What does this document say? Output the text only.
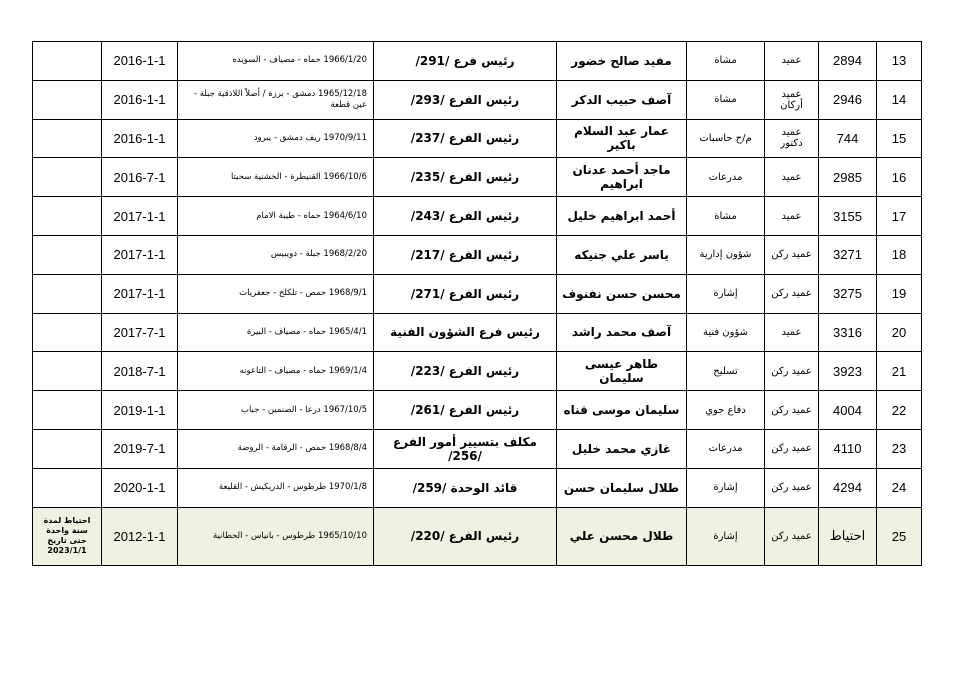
	2016-1-1	1966/1/20 حماه - مصياف - السويده	رئيس فرع /291/	مفيد صالح خضور	مشاة	عميد	2894	13
	2016-1-1	1965/12/18 دمشق - برزة / أصلاً اللاذقية جبلة - عين قطعة	رئيس الفرع /293/	آصف حبيب الدكر	مشاة	عميد أركان	2946	14
	2016-1-1	1970/9/11 ريف دمشق - يبرود	رئيس الفرع /237/	عمار عبد السلام باكير	م/ح حاسبات	عميد دكتور	744	15
	2016-7-1	1966/10/6 القنيطرة - الخشنية سحيتا	رئيس الفرع /235/	ماجد أحمد عدنان ابراهيم	مدرعات	عميد	2985	16
	2017-1-1	1964/6/10 حماه - طيبة الامام	رئيس الفرع /243/	أحمد ابراهيم خليل	مشاة	عميد	3155	17
	2017-1-1	1968/2/20 جبلة - دويبيس	رئيس الفرع /217/	ياسر علي جنيكه	شؤون إدارية	عميد ركن	3271	18
	2017-1-1	1968/9/1 حمص - تلكلخ - جعفريات	رئيس الفرع /271/	محسن حسن نفنوف	إشارة	عميد ركن	3275	19
	2017-7-1	1965/4/1 حماه - مصياف - البيرة	رئيس فرع الشؤون الفنية	آصف محمد راشد	شؤون فنية	عميد	3316	20
	2018-7-1	1969/1/4 حماه - مصياف - التاعونه	رئيس الفرع /223/	طاهر عيسى سليمان	تسليح	عميد ركن	3923	21
	2019-1-1	1967/10/5 درعا - الصنمين - جباب	رئيس الفرع /261/	سليمان موسى قناه	دفاع جوي	عميد ركن	4004	22
	2019-7-1	1968/8/4 حمص - الرقامة - الروضة	مكلف بتسيير أمور الفرع /256/	غازي محمد خليل	مدرعات	عميد ركن	4110	23
	2020-1-1	1970/1/8 طرطوس - الدريكيش - القليعة	قائد الوحدة /259/	طلال سليمان حسن	إشارة	عميد ركن	4294	24
احتياط لمدة سنة واحدة حتى تاريخ 2023/1/1	2012-1-1	1965/10/10 طرطوس - بانياس - الحطانية	رئيس الفرع /220/	طلال محسن علي	إشارة	عميد ركن	احتياط	25
